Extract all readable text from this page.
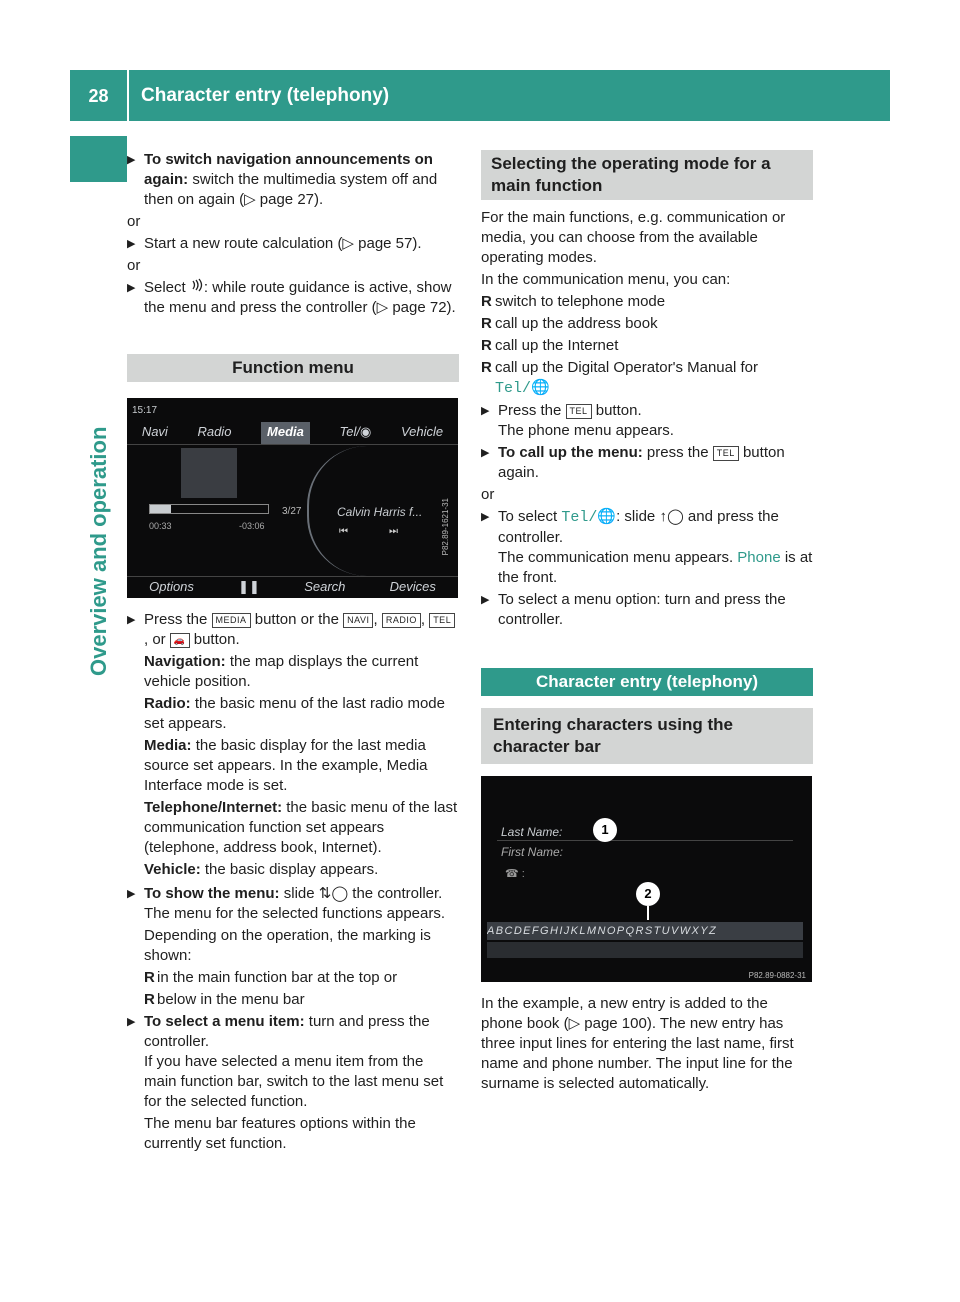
28	Character entry (telephony)
Overview and operation
▶ To switch navigation announcements on again: switch the multimedia system off and then on again (▷ page 27).
or
▶ Start a new route calculation (▷ page 57).
or
▶ Select : while route guidance is active, show the menu and press the controller (▷ page 72).
Function menu
15:17
Navi Radio	Media	Tel/◉ Vehicle
00:33	-03:06
3/27	Calvin Harris f...
⏮	⏭
Options	❚❚	Search	Devices
P82.89-1621-31
▶ Press the MEDIA button or the NAVI , RADIO , TEL, or 🚗 button.
Navigation: the map displays the current vehicle position.
Radio: the basic menu of the last radio mode set appears.
Media: the basic display for the last media source set appears. In the example, Media Interface mode is set.
Telephone/Internet: the basic menu of the last communication function set appears (telephone, address book, Internet).
Vehicle: the basic display appears.
▶ To show the menu: slide ⇅◯ the controller.
The menu for the selected functions appears.
Depending on the operation, the marking is shown:
R in the main function bar at the top or
R below in the menu bar
▶ To select a menu item: turn and press the controller.
If you have selected a menu item from the main function bar, switch to the last menu set for the selected function.
The menu bar features options within the currently set function.
Selecting the operating mode for a main function
For the main functions, e.g. communication or media, you can choose from the available operating modes.
In the communication menu, you can:
R switch to telephone mode
R call up the address book
R call up the Internet
R call up the Digital Operator's Manual for
Tel/🌐
▶ Press the TEL button.
The phone menu appears.
▶ To call up the menu: press the TEL button again.
or
▶ To select Tel/🌐: slide ↑◯ and press the controller.
The communication menu appears. Phone is at the front.
▶ To select a menu option: turn and press the controller.
Character entry (telephony)
Entering characters using the character bar
Last Name:
First Name:
☎ :
1
2
ABCDEFGHIJKLMNOPQRSTUVWXYZ
P82.89-0882-31
In the example, a new entry is added to the phone book (▷ page 100). The new entry has three input lines for entering the last name, first name and phone number. The input line for the surname is selected automatically.
